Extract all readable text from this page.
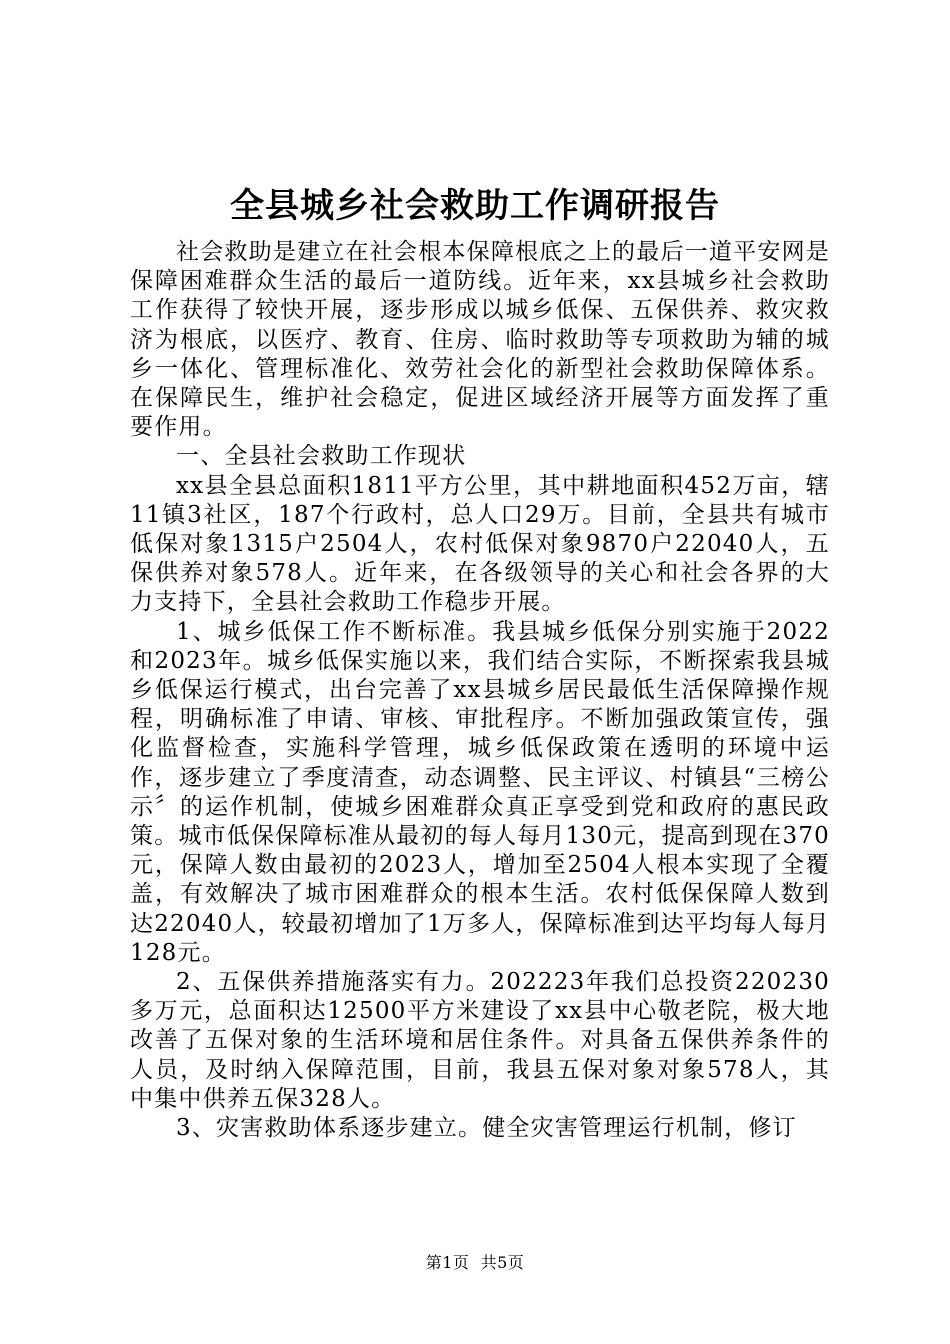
全县城乡社会救助工作调研报告

社会救助是建立在社会根本保障根底之上的最后一道平安网是保障困难群众生活的最后一道防线。近年来，xx县城乡社会救助工作获得了较快开展，逐步形成以城乡低保、五保供养、救灾救济为根底，以医疗、教育、住房、临时救助等专项救助为辅的城乡一体化、管理标准化、效劳社会化的新型社会救助保障体系。在保障民生，维护社会稳定，促进区域经济开展等方面发挥了重要作用。

一、全县社会救助工作现状

xx县全县总面积1811平方公里，其中耕地面积452万亩，辖11镇3社区，187个行政村，总人口29万。目前，全县共有城市低保对象1315户2504人，农村低保对象9870户22040人，五保供养对象578人。近年来，在各级领导的关心和社会各界的大力支持下，全县社会救助工作稳步开展。

1、城乡低保工作不断标准。我县城乡低保分别实施于2022和2023年。城乡低保实施以来，我们结合实际，不断探索我县城乡低保运行模式，出台完善了xx县城乡居民最低生活保障操作规程，明确标准了申请、审核、审批程序。不断加强政策宣传，强化监督检查，实施科学管理，城乡低保政策在透明的环境中运作，逐步建立了季度清查，动态调整、民主评议、村镇县“三榜公示〞的运作机制，使城乡困难群众真正享受到党和政府的惠民政策。城市低保保障标准从最初的每人每月130元，提高到现在370元，保障人数由最初的2023人，增加至2504人根本实现了全覆盖，有效解决了城市困难群众的根本生活。农村低保保障人数到达22040人，较最初增加了1万多人，保障标准到达平均每人每月128元。

2、五保供养措施落实有力。202223年我们总投资220230多万元，总面积达12500平方米建设了xx县中心敬老院，极大地改善了五保对象的生活环境和居住条件。对具备五保供养条件的人员，及时纳入保障范围，目前，我县五保对象对象578人，其中集中供养五保328人。

3、灾害救助体系逐步建立。健全灾害管理运行机制，修订

第1页 共5页
